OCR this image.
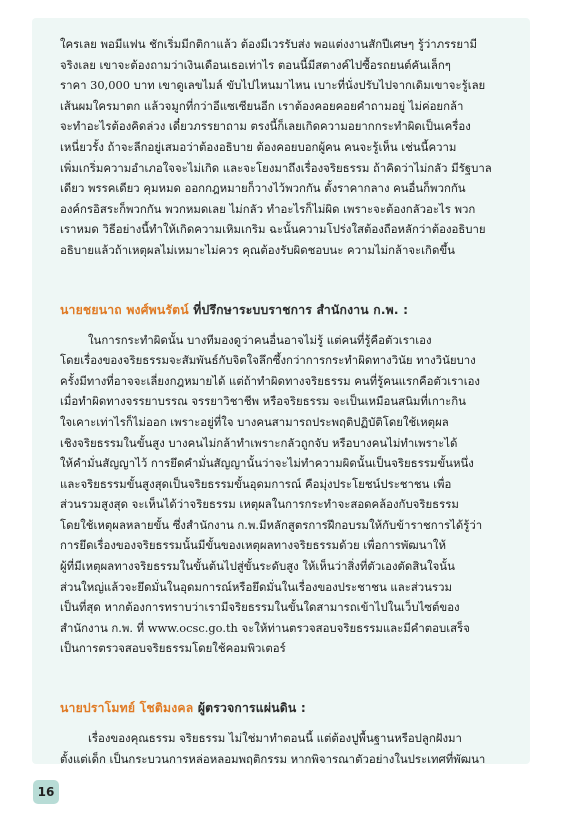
ใครเลย พอมีแฟน ชักเริ่มมีกติกาแล้ว ต้องมีเวรรับส่ง พอแต่งงานสักปีเศษๆ รู้ว่าภรรยามี
จริงเลย เขาจะต้องถามว่าเงินเดือนเธอเท่าไร ตอนนี้มีสตางค์ไปซื้อรถยนต์คันเล็กๆ
ราคา 30,000 บาท เขาดูเลขไมล์ ขับไปไหนมาไหน เบาะที่นั่งปรับไปจากเดิมเขาจะรู้เลย
เส้นผมใครมาตก แล้วจมูกที่กว่าอีแซเซียนอีก เราต้องคอยคอยคำถามอยู่ ไม่ค่อยกล้า
จะทำอะไรต้องคิดล่วง เดี๋ยวภรรยาถาม ตรงนี้ก็เลยเกิดความอยากกระทำผิดเป็นเครื่อง
เหนี่ยวรั้ง ถ้าจะลีกอยู่เสมอว่าต้องอธิบาย ต้องคอยบอกผู้คน คนจะรู้เห็น เช่นนี้ความ
เพิ่มเกริ่มความอำเภอใจจะไม่เกิด และจะโยงมาถึงเรื่องจริยธรรม ถ้าคิดว่าไม่กลัว มีรัฐบาล
เดียว พรรคเดียว คุมหมด ออกกฎหมายก็วางไว้พวกกัน ตั้งราคากลาง คนอื่นก็พวกกัน
องค์กรอิสระก็พวกกัน พวกหมดเลย ไม่กลัว ทำอะไรก็ไม่ผิด เพราะจะต้องกลัวอะไร พวก
เราหมด วิธีอย่างนี้ทำให้เกิดความเหิมเกริม ฉะนั้นความโปร่งใสต้องถือหลักว่าต้องอธิบาย
อธิบายแล้วถ้าเหตุผลไม่เหมาะไม่ควร คุณต้องรับผิดชอบนะ ความไม่กล้าจะเกิดขึ้น

นายชยนาถ พงศ์พนรัตน์ ที่ปรึกษาระบบราชการ สำนักงาน ก.พ. :

ในการกระทำผิดนั้น บางทีมองดูว่าคนอื่นอาจไม่รู้ แต่คนที่รู้คือตัวเราเอง
โดยเรื่องของจริยธรรมจะสัมพันธ์กับจิตใจลึกซึ้งกว่าการกระทำผิดทางวินัย ทางวินัยบาง
ครั้งมีทางที่อาจจะเลี่ยงกฎหมายได้ แต่ถ้าทำผิดทางจริยธรรม คนที่รู้คนแรกคือตัวเราเอง
เมื่อทำผิดทางจรรยาบรรณ จรรยาวิชาชีพ หรือจริยธรรม จะเป็นเหมือนสนิมที่เกาะกิน
ใจเคาะเท่าไรก็ไม่ออก เพราะอยู่ที่ใจ บางคนสามารถประพฤติปฏิบัติโดยใช้เหตุผล
เชิงจริยธรรมในขั้นสูง บางคนไม่กล้าทำเพราะกลัวถูกจับ หรือบางคนไม่ทำเพราะได้
ให้คำมั่นสัญญาไว้ การยึดคำมั่นสัญญานั้นว่าจะไม่ทำความผิดนั้นเป็นจริยธรรมขั้นหนึ่ง
และจริยธรรมขั้นสูงสุดเป็นจริยธรรมขั้นอุดมการณ์ คือมุ่งประโยชน์ประชาชน เพื่อ
ส่วนรวมสูงสุด จะเห็นได้ว่าจริยธรรม เหตุผลในการกระทำจะสอดคล้องกับจริยธรรม
โดยใช้เหตุผลหลายขั้น ซึ่งสำนักงาน ก.พ.มีหลักสูตรการฝึกอบรมให้กับข้าราชการได้รู้ว่า
การยึดเรื่องของจริยธรรมนั้นมีขั้นของเหตุผลทางจริยธรรมด้วย เพื่อการพัฒนาให้
ผู้ที่มีเหตุผลทางจริยธรรมในขั้นต้นไปสู่ขั้นระดับสูง ให้เห็นว่าสิ่งที่ตัวเองตัดสินใจนั้น
ส่วนใหญ่แล้วจะยึดมั่นในอุดมการณ์หรือยึดมั่นในเรื่องของประชาชน และส่วนรวม
เป็นที่สุด หากต้องการทราบว่าเรามีจริยธรรมในขั้นใดสามารถเข้าไปในเว็บไซต์ของ
สำนักงาน ก.พ. ที่ www.ocsc.go.th จะให้ท่านตรวจสอบจริยธรรมและมีคำตอบเสร็จ
เป็นการตรวจสอบจริยธรรมโดยใช้คอมพิวเตอร์

นายปราโมทย์ โชติมงคล ผู้ตรวจการแผ่นดิน :

เรื่องของคุณธรรม จริยธรรม ไม่ใช่มาทำตอนนี้ แต่ต้องปูพื้นฐานหรือปลูกฝังมา
ตั้งแต่เด็ก เป็นกระบวนการหล่อหลอมพฤติกรรม หากพิจารณาตัวอย่างในประเทศที่พัฒนา

16
